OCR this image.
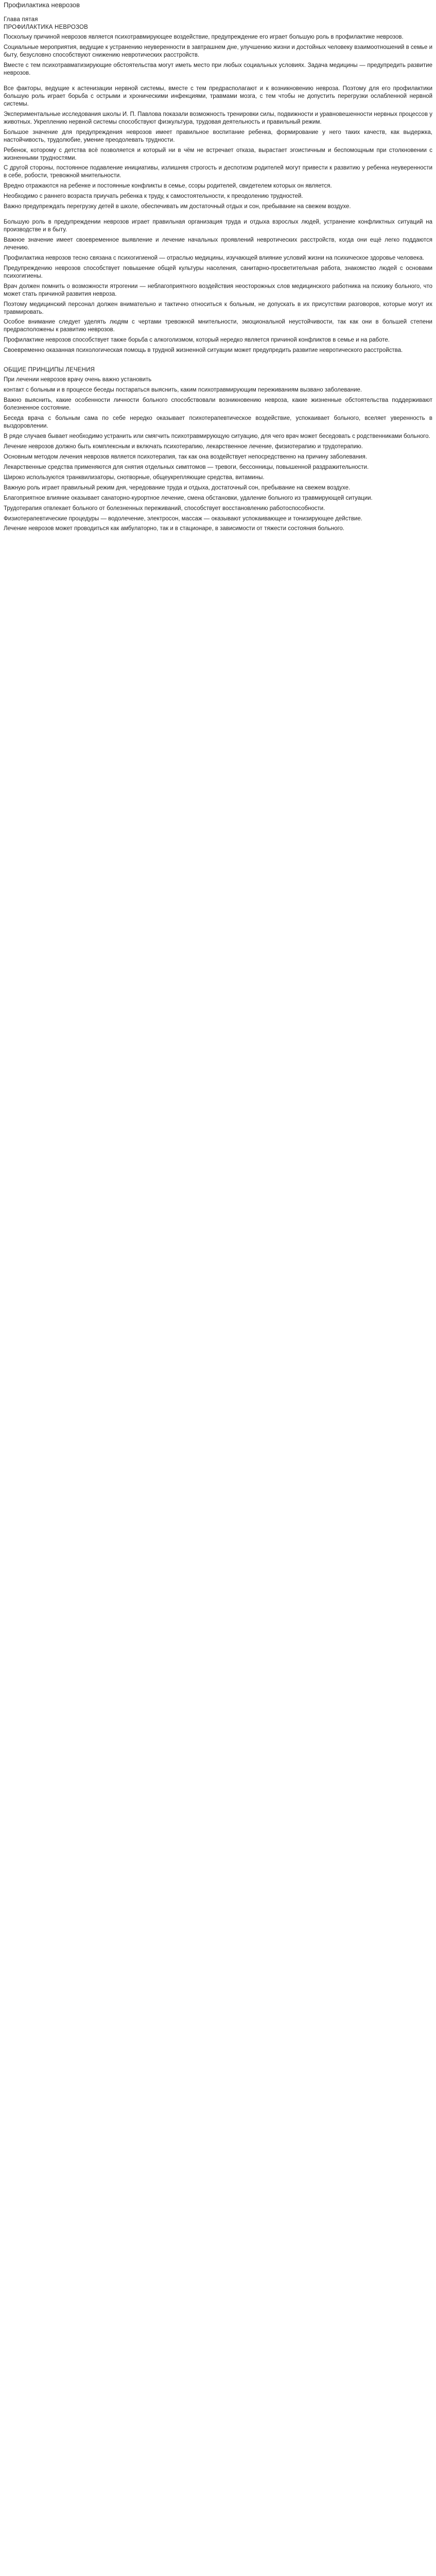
Профилактика неврозов
Глава пятая
ПРОФИЛАКТИКА НЕВРОЗОВ

Поскольку причиной неврозов является психотравмирующее воздействие, предупреждение его играет большую роль в профилактике неврозов.

Социальные мероприятия, ведущие к устранению неуверенности в завтрашнем дне, улучшению жизни и достойных человеку взаимоотношений в семье и быту, безусловно способствуют снижению невротических расстройств.

Вместе с тем психотравматизирующие обстоятельства могут иметь место при любых социальных условиях. Задача медицины — предупредить развитие неврозов.

Все факторы, ведущие к астенизации нервной системы, вместе с тем предрасполагают и к возникновению невроза. Поэтому для его профилактики большую роль играет борьба с острыми и хроническими инфекциями, травмами мозга, с тем чтобы не допустить перегрузки ослабленной нервной системы.

Экспериментальные исследования школы И. П. Павлова показали возможность тренировки силы, подвижности и уравновешенности нервных процессов у животных. Укреплению нервной системы способствуют физкультура, трудовая деятельность и правильный режим.

Большое значение для предупреждения неврозов имеет правильное воспитание ребенка, формирование у него таких качеств, как выдержка, настойчивость, трудолюбие, умение преодолевать трудности.

Ребенок, которому с детства всё позволяется и который ни в чём не встречает отказа, вырастает эгоистичным и беспомощным при столкновении с жизненными трудностями.

С другой стороны, постоянное подавление инициативы, излишняя строгость и деспотизм родителей могут привести к развитию у ребенка неуверенности в себе, робости, тревожной мнительности.

Вредно отражаются на ребенке и постоянные конфликты в семье, ссоры родителей, свидетелем которых он является.

Необходимо с раннего возраста приучать ребенка к труду, к самостоятельности, к преодолению трудностей.

Важно предупреждать перегрузку детей в школе, обеспечивать им достаточный отдых и сон, пребывание на свежем воздухе.

Большую роль в предупреждении неврозов играет правильная организация труда и отдыха взрослых людей, устранение конфликтных ситуаций на производстве и в быту.

Важное значение имеет своевременное выявление и лечение начальных проявлений невротических расстройств, когда они ещё легко поддаются лечению.

Профилактика неврозов тесно связана с психогигиеной — отраслью медицины, изучающей влияние условий жизни на психическое здоровье человека.

Предупреждению неврозов способствует повышение общей культуры населения, санитарно-просветительная работа, знакомство людей с основами психогигиены.

Врач должен помнить о возможности ятрогении — неблагоприятного воздействия неосторожных слов медицинского работника на психику больного, что может стать причиной развития невроза.

Поэтому медицинский персонал должен внимательно и тактично относиться к больным, не допускать в их присутствии разговоров, которые могут их травмировать.

Особое внимание следует уделять людям с чертами тревожной мнительности, эмоциональной неустойчивости, так как они в большей степени предрасположены к развитию неврозов.

Профилактике неврозов способствует также борьба с алкоголизмом, который нередко является причиной конфликтов в семье и на работе.

Своевременно оказанная психологическая помощь в трудной жизненной ситуации может предупредить развитие невротического расстройства.

ОБЩИЕ ПРИНЦИПЫ ЛЕЧЕНИЯ

При лечении неврозов врачу очень важно установить

контакт с больным и в процессе беседы постараться выяснить, каким психотравмирующим переживаниям вызвано заболевание.

Важно выяснить, какие особенности личности больного способствовали возникновению невроза, какие жизненные обстоятельства поддерживают болезненное состояние.

Беседа врача с больным сама по себе нередко оказывает психотерапевтическое воздействие, успокаивает больного, вселяет уверенность в выздоровлении.

В ряде случаев бывает необходимо устранить или смягчить психотравмирующую ситуацию, для чего врач может беседовать с родственниками больного.

Лечение неврозов должно быть комплексным и включать психотерапию, лекарственное лечение, физиотерапию и трудотерапию.

Основным методом лечения неврозов является психотерапия, так как она воздействует непосредственно на причину заболевания.

Лекарственные средства применяются для снятия отдельных симптомов — тревоги, бессонницы, повышенной раздражительности.

Широко используются транквилизаторы, снотворные, общеукрепляющие средства, витамины.

Важную роль играет правильный режим дня, чередование труда и отдыха, достаточный сон, пребывание на свежем воздухе.

Благоприятное влияние оказывает санаторно-курортное лечение, смена обстановки, удаление больного из травмирующей ситуации.

Трудотерапия отвлекает больного от болезненных переживаний, способствует восстановлению работоспособности.

Физиотерапевтические процедуры — водолечение, электросон, массаж — оказывают успокаивающее и тонизирующее действие.

Лечение неврозов может проводиться как амбулаторно, так и в стационаре, в зависимости от тяжести состояния больного.
